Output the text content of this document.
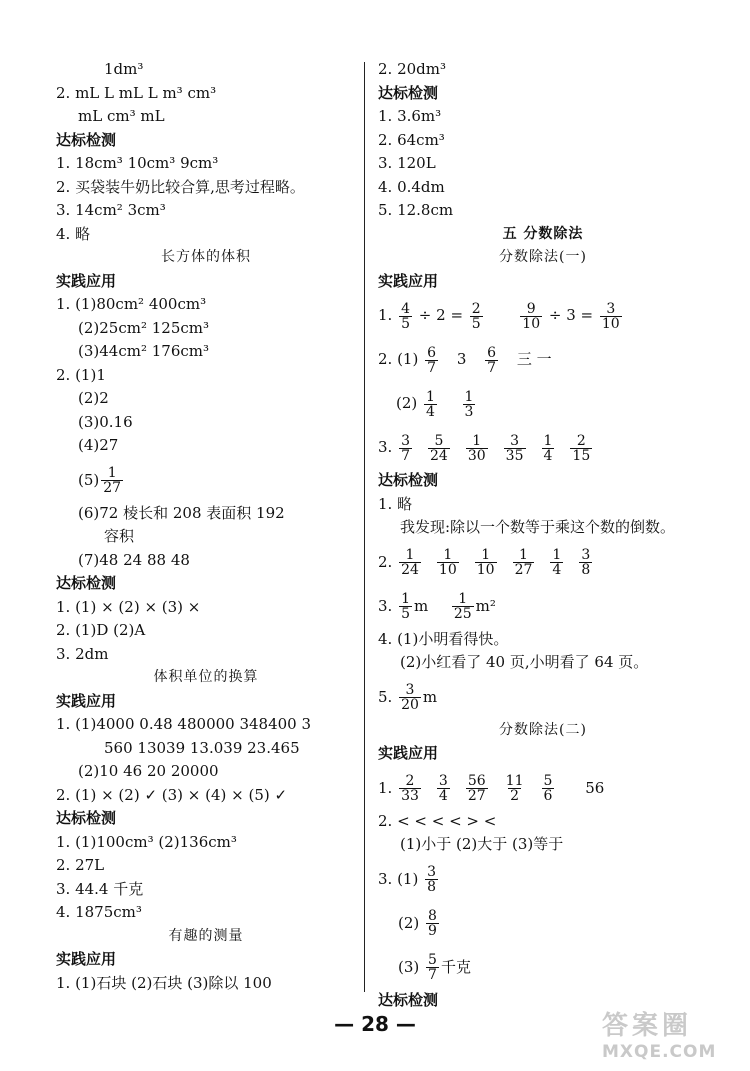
1dm³
2. mL L mL L m³ cm³
mL cm³ mL
达标检测
1. 18cm³ 10cm³ 9cm³
2. 买袋装牛奶比较合算,思考过程略。
3. 14cm² 3cm³
4. 略
长方体的体积
实践应用
1. (1)80cm² 400cm³
(2)25cm² 125cm³
(3)44cm² 176cm³
2. (1)1
(2)2
(3)0.16
(4)27
$(5) \frac{1}{27}$
(6)72 棱长和 208 表面积 192
容积
(7)48 24 88 48
达标检测
1. (1) × (2) × (3) ×
2. (1)D (2)A
3. 2dm
体积单位的换算
实践应用
1. (1)4000 0.48 480000 348400 3
560 13039 13.039 23.465
(2)10 46 20 20000
2. (1) × (2) ✓ (3) × (4) × (5) ✓
达标检测
1. (1)100cm³ (2)136cm³
2. 27L
3. 44.4 千克
4. 1875cm³
有趣的测量
实践应用
1. (1)石块 (2)石块 (3)除以 100
2. 20dm³
达标检测
1. 3.6m³
2. 64cm³
3. 120L
4. 0.4dm
5. 12.8cm
五 分数除法
分数除法(一)
实践应用
1. $\frac{4}{5} \div 2 = \frac{2}{5}$
	$\frac{9}{10} \div 3 = \frac{3}{10}$
2. $(1) \frac{6}{7} 3 \frac{6}{7}$ 三 一
$(2) \frac{1}{4}$
$\frac{1}{3}$
3. $\frac{3}{7} \frac{5}{24} \frac{1}{30} \frac{3}{35} \frac{1}{4} \frac{2}{15}$
达标检测
1. 略
我发现:除以一个数等于乘这个数的倒数。
2. $\frac{1}{24} \frac{1}{10} \frac{1}{10} \frac{1}{27} \frac{1}{4} \frac{3}{8}$
3. $\frac{1}{5}$ m $\frac{1}{25} m^2$
4. (1)小明看得快。
(2)小红看了 40 页,小明看了 64 页。
5. $\frac{3}{20}$ m
分数除法(二)
实践应用
1. $\frac{2}{33} \frac{3}{4} \frac{56}{27} \frac{11}{2} \frac{5}{6} 56$
2. < < < < > <
(1)小于 (2)大于 (3)等于
3. $(1) \frac{3}{8}$
$(2) \frac{8}{9}$
$(3) \frac{5}{7}$ 千克
达标检测
— 28 —	答案圈
MXQE.COM
